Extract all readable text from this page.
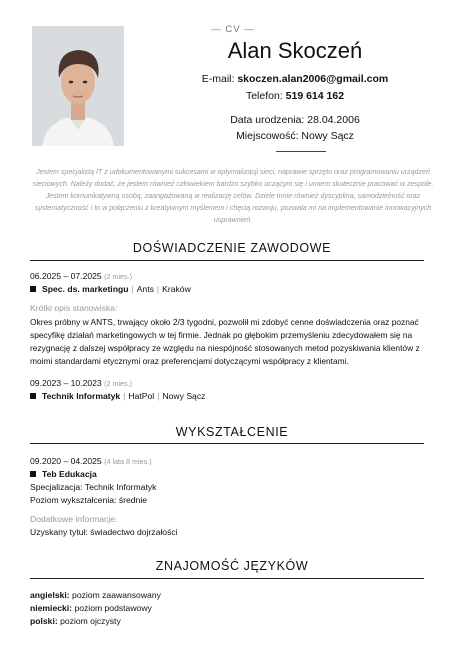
— CV —
Alan Skoczeń
E-mail: skoczen.alan2006@gmail.com
Telefon: 519 614 162
Data urodzenia: 28.04.2006
Miejscowość: Nowy Sącz
Jestem specjalistą IT z udokumentowanymi sukcesami w optymalizacji sieci, naprawie sprzętu oraz programowaniu urządzeń sieciowych. Należy dodać, że jestem również człowiekiem bardzo szybko uczącym się i umiem skutecznie pracować w zespole. Jestem komunikatywną osobą, zaangażowaną w realizację celów. Dziele mnie również dyscyplina, samodzielność oraz systematyczność i to w połączeniu z kreatywnym myśleniem i chęcią rozwoju, pozwala mi na implementowanie innowacyjnych usprawnień.
DOŚWIADCZENIE ZAWODOWE
06.2025 – 07.2025 (2 mies.)
Spec. ds. marketingu | Ants | Kraków
Krótki opis stanowiska:
Okres próbny w ANTS, trwający około 2/3 tygodni, pozwolił mi zdobyć cenne doświadczenia oraz poznać specyfikę działań marketingowych w tej firmie. Jednak po głębokim przemyśleniu zdecydowałem się na rezygnację z dalszej współpracy ze względu na niespójność stosowanych metod pozyskiwania klientów z moimi standardami etycznymi oraz preferencjami dotyczącymi współpracy z klientami.
09.2023 – 10.2023 (2 mies.)
Technik Informatyk | HatPol | Nowy Sącz
WYKSZTAŁCENIE
09.2020 – 04.2025 (4 lata 8 mies.)
Teb Edukacja
Specjalizacja: Technik Informatyk
Poziom wykształcenia: średnie
Dodatkowe informacje:
Uzyskany tytuł: świadectwo dojrzałości
ZNAJOMOŚĆ JĘZYKÓW
angielski: poziom zaawansowany
niemiecki: poziom podstawowy
polski: poziom ojczysty
